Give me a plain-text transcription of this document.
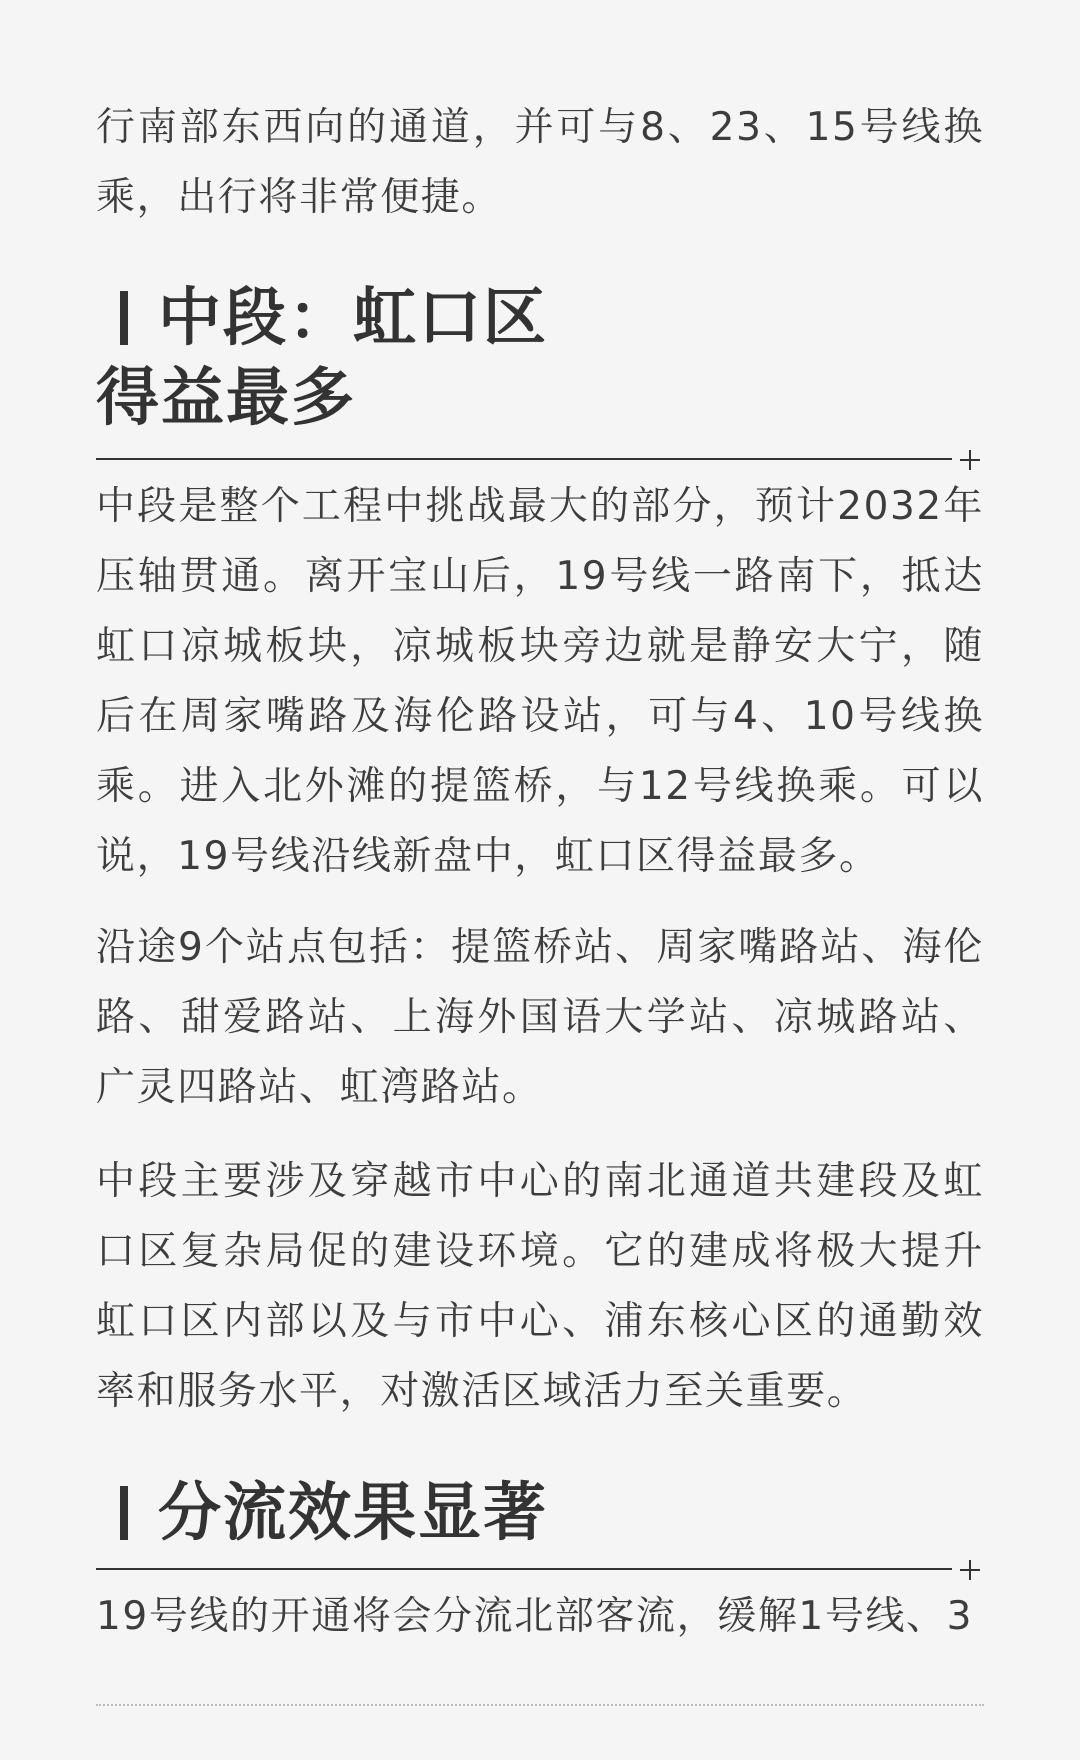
行南部东西向的通道，并可与8、23、15号线换乘，出行将非常便捷。

中段：虹口区
得益最多

中段是整个工程中挑战最大的部分，预计2032年压轴贯通。离开宝山后，19号线一路南下，抵达虹口凉城板块，凉城板块旁边就是静安大宁，随后在周家嘴路及海伦路设站，可与4、10号线换乘。进入北外滩的提篮桥，与12号线换乘。可以说，19号线沿线新盘中，虹口区得益最多。

沿途9个站点包括：提篮桥站、周家嘴路站、海伦路、甜爱路站、上海外国语大学站、凉城路站、广灵四路站、虹湾路站。

中段主要涉及穿越市中心的南北通道共建段及虹口区复杂局促的建设环境。它的建成将极大提升虹口区内部以及与市中心、浦东核心区的通勤效率和服务水平，对激活区域活力至关重要。

分流效果显著

19号线的开通将会分流北部客流，缓解1号线、3
